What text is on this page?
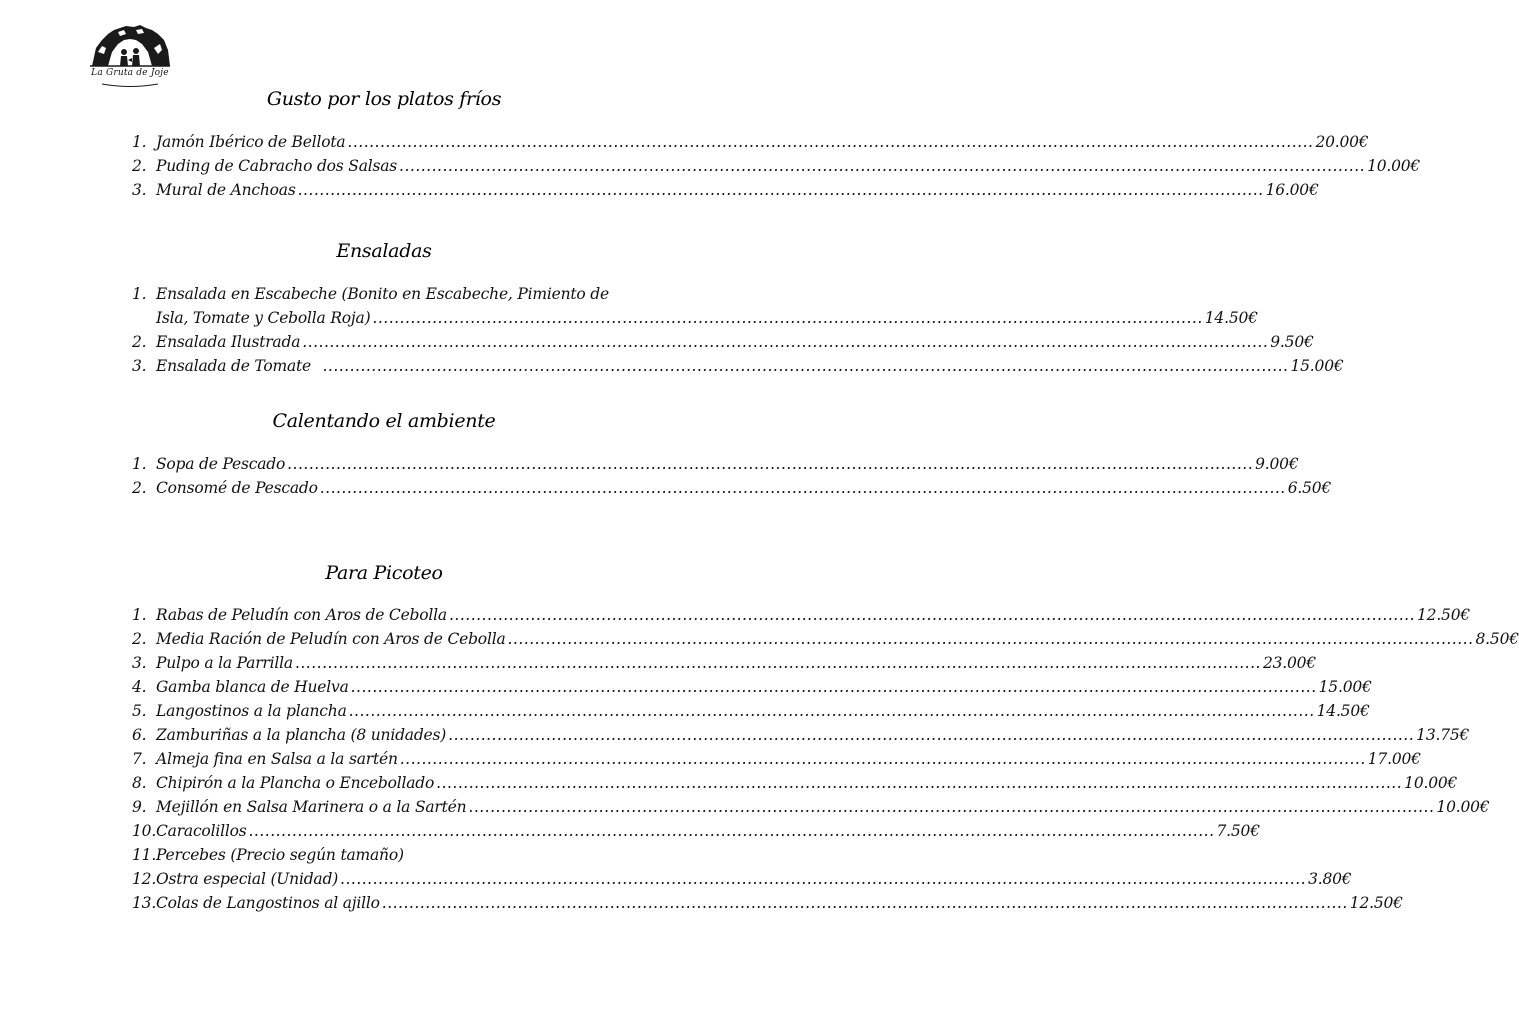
La Gruta de Joje
Gusto por los platos fríos
1. Jamón Ibérico de Bellota .....	20.00€
2. Puding de Cabracho dos Salsas .....	10.00€
3. Mural de Anchoas .....	16.00€
Ensaladas
1. Ensalada en Escabeche (Bonito en Escabeche, Pimiento de
Isla, Tomate y Cebolla Roja) ......................................................................................................................................................... 14.50€
2. Ensalada Ilustrada .....	9.50€
3. Ensalada de Tomate .....	15.00€
Calentando el ambiente
1. Sopa de Pescado .....	9.00€
2. Consomé de Pescado .....	6.50€
Para Picoteo
1. Rabas de Peludín con Aros de Cebolla .....	12.50€
2. Media Ración de Peludín con Aros de Cebolla .....	8.50€
3. Pulpo a la Parrilla .....	23.00€
4. Gamba blanca de Huelva .....	15.00€
5. Langostinos a la plancha .....	14.50€
6. Zamburiñas a la plancha (8 unidades) .....	13.75€
7. Almeja fina en Salsa a la sartén .....	17.00€
8. Chipirón a la Plancha o Encebollado .....	10.00€
9. Mejillón en Salsa Marinera o a la Sartén .....	10.00€
10. Caracolillos .....	7.50€
11. Percebes (Precio según tamaño)
12. Ostra especial (Unidad) .....	3.80€
13. Colas de Langostinos al ajillo .....	12.50€
